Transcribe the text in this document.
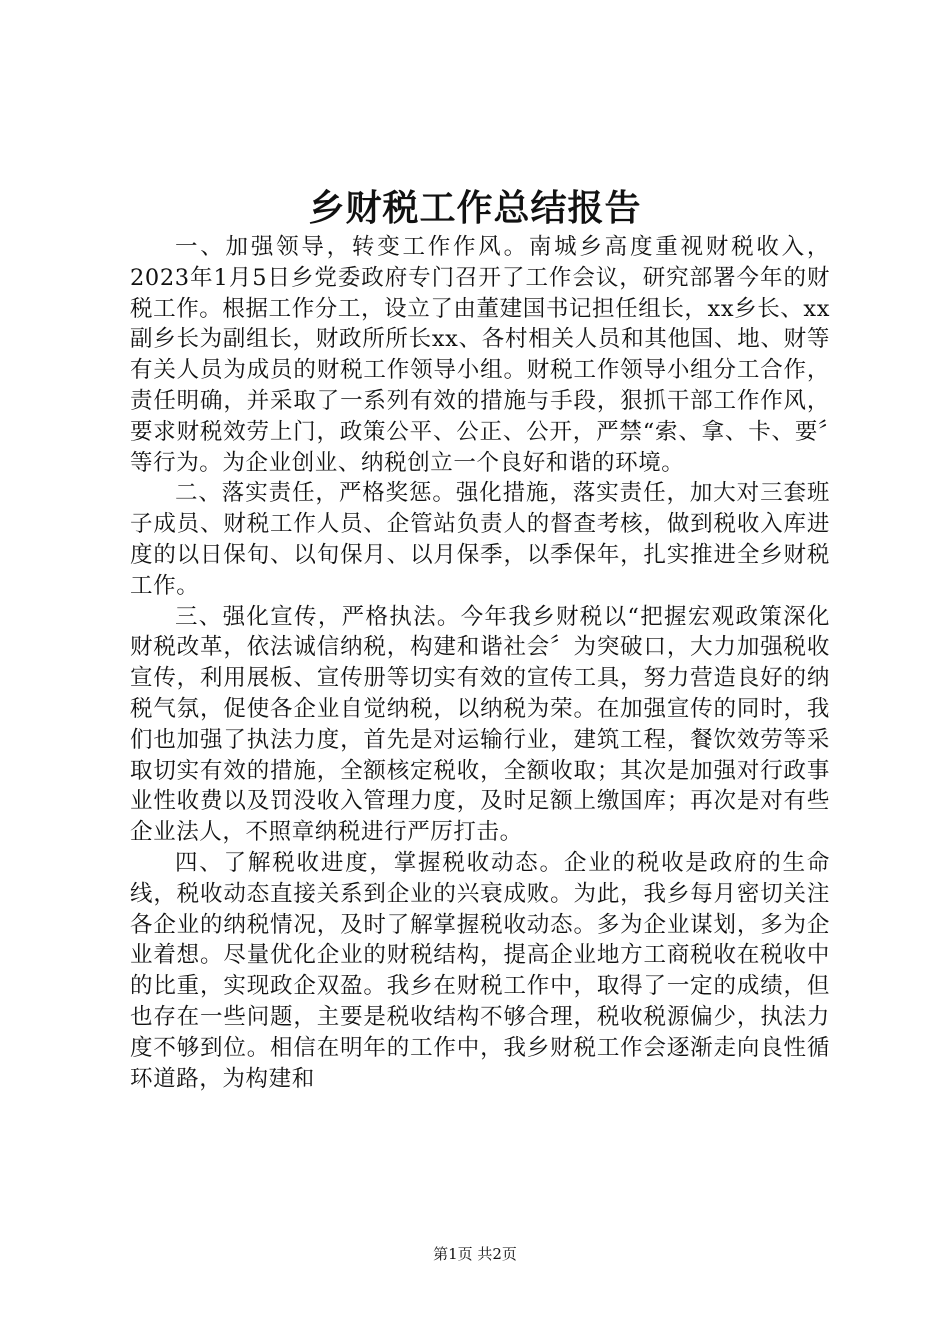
乡财税工作总结报告

一、加强领导，转变工作作风。南城乡高度重视财税收入，2023年1月5日乡党委政府专门召开了工作会议，研究部署今年的财税工作。根据工作分工，设立了由董建国书记担任组长，xx乡长、xx副乡长为副组长，财政所所长xx、各村相关人员和其他国、地、财等有关人员为成员的财税工作领导小组。财税工作领导小组分工合作，责任明确，并采取了一系列有效的措施与手段，狠抓干部工作作风，要求财税效劳上门，政策公平、公正、公开，严禁“索、拿、卡、要〞等行为。为企业创业、纳税创立一个良好和谐的环境。

二、落实责任，严格奖惩。强化措施，落实责任，加大对三套班子成员、财税工作人员、企管站负责人的督查考核，做到税收入库进度的以日保旬、以旬保月、以月保季，以季保年，扎实推进全乡财税工作。

三、强化宣传，严格执法。今年我乡财税以“把握宏观政策深化财税改革，依法诚信纳税，构建和谐社会〞为突破口，大力加强税收宣传，利用展板、宣传册等切实有效的宣传工具，努力营造良好的纳税气氛，促使各企业自觉纳税，以纳税为荣。在加强宣传的同时，我们也加强了执法力度，首先是对运输行业，建筑工程，餐饮效劳等采取切实有效的措施，全额核定税收，全额收取；其次是加强对行政事业性收费以及罚没收入管理力度，及时足额上缴国库；再次是对有些企业法人，不照章纳税进行严厉打击。

四、了解税收进度，掌握税收动态。企业的税收是政府的生命线，税收动态直接关系到企业的兴衰成败。为此，我乡每月密切关注各企业的纳税情况，及时了解掌握税收动态。多为企业谋划，多为企业着想。尽量优化企业的财税结构，提高企业地方工商税收在税收中的比重，实现政企双盈。我乡在财税工作中，取得了一定的成绩，但也存在一些问题，主要是税收结构不够合理，税收税源偏少，执法力度不够到位。相信在明年的工作中，我乡财税工作会逐渐走向良性循环道路，为构建和

第1页 共2页
